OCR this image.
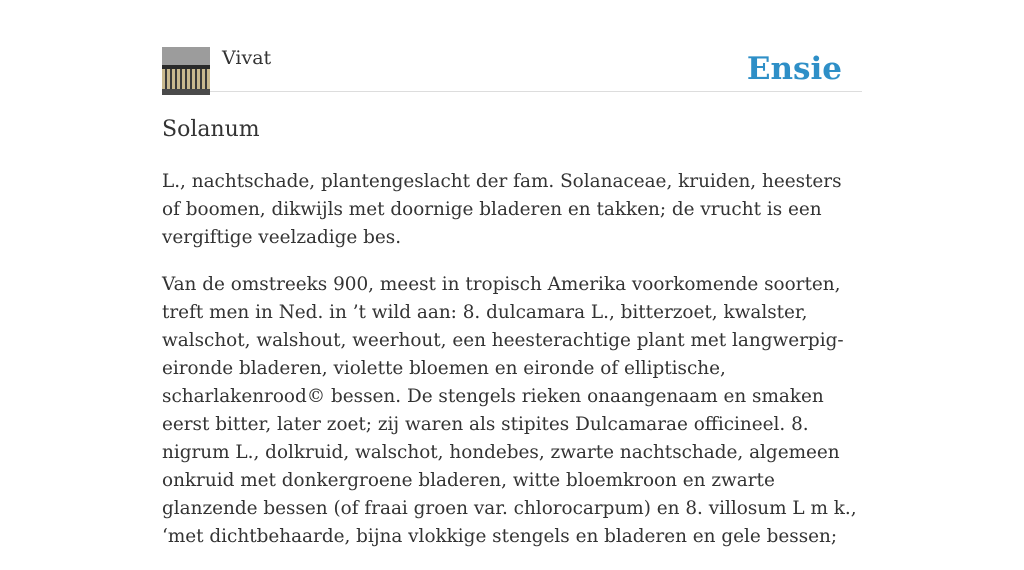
Vivat	Ensie
Solanum

L., nachtschade, plantengeslacht der fam. Solanaceae, kruiden, heesters of boomen, dikwijls met doornige bladeren en takken; de vrucht is een vergiftige veelzadige bes.

Van de omstreeks 900, meest in tropisch Amerika voorkomende soorten, treft men in Ned. in ’t wild aan: 8. dulcamara L., bitterzoet, kwalster, walschot, walshout, weerhout, een heesterachtige plant met langwerpig-eironde bladeren, violette bloemen en eironde of elliptische, scharlakenrood© bessen. De stengels rieken onaangenaam en smaken eerst bitter, later zoet; zij waren als stipites Dulcamarae officineel. 8. nigrum L., dolkruid, walschot, hondebes, zwarte nachtschade, algemeen onkruid met donkergroene bladeren, witte bloemkroon en zwarte glanzende bessen (of fraai groen var. chlorocarpum) en 8. villosum L m k., ‘met dichtbehaarde, bijna vlokkige stengels en bladeren en gele bessen;
